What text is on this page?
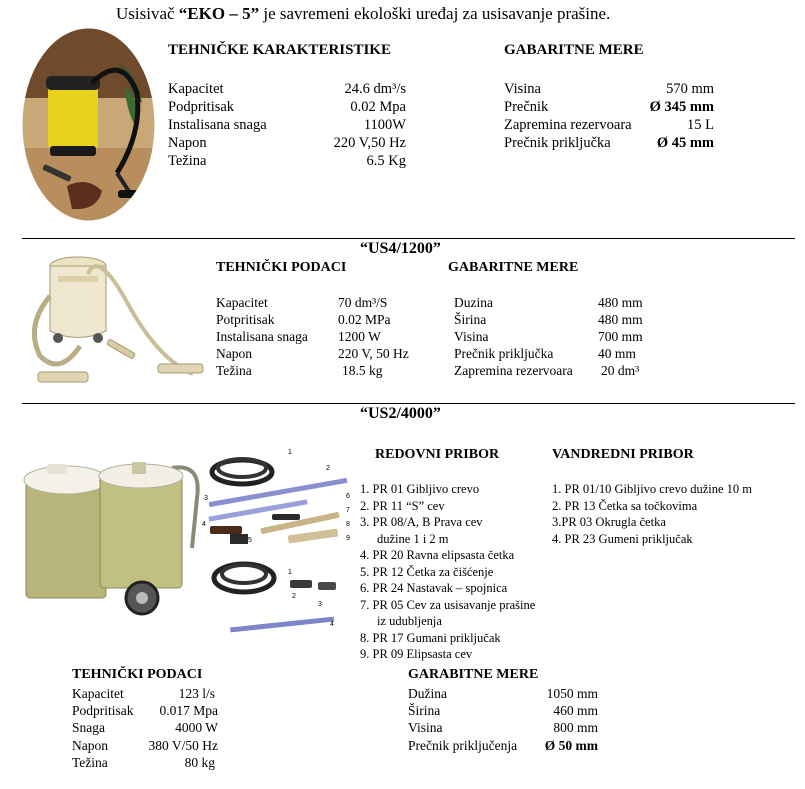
Usisivač “EKO – 5” je savremeni ekološki uređaj za usisavanje prašine.
TEHNIČKE KARAKTERISTIKE	GABARITNE MERE
Kapacitet	24.6 dm³/s
Podpritisak	0.02 Mpa
Instalisana snaga	1100W
Napon	220 V,50 Hz
Težina	6.5 Kg
Visina	570 mm
Prečnik	Ø 345 mm
Zapremina rezervoara	15 L
Prečnik priključka	Ø 45 mm
“US4/1200”
TEHNIČKI PODACI	GABARITNE MERE
Kapacitet	70 dm³/S
Potpritisak	0.02 MPa
Instalisana snaga 1200 W
Napon	220 V, 50 Hz
Težina	18.5 kg
Duzina	480 mm
Širina	480 mm
Visina	700 mm
Prečnik priključka	40 mm
Zapremina rezervoara 20 dm³
“US2/4000”
1
2
3
4
5
6
7
8
9
1
2
3
4
REDOVNI PRIBOR	VANDREDNI PRIBOR
1. PR 01 Gibljivo crevo
2. PR 11 “S” cev
3. PR 08/A, B Prava cev
dužine 1 i 2 m
4. PR 20 Ravna elipsasta četka
5. PR 12 Četka za čišćenje
6. PR 24 Nastavak – spojnica
7. PR 05 Cev za usisavanje prašine
iz udubljenja
8. PR 17 Gumani priključak
9. PR 09 Elipsasta cev
1. PR 01/10 Gibljivo crevo dužine 10 m
2. PR 13 Četka sa točkovima
3.PR 03 Okrugla četka
4. PR 23 Gumeni priključak
TEHNIČKI PODACI	GARABITNE MERE
Kapacitet	123 l/s
Podpritisak 0.017 Mpa
Snaga	4000 W
Napon	380 V/50 Hz
Težina	80 kg
Dužina	1050 mm
Širina	460 mm
Visina	800 mm
Prečnik priključenja Ø 50 mm
